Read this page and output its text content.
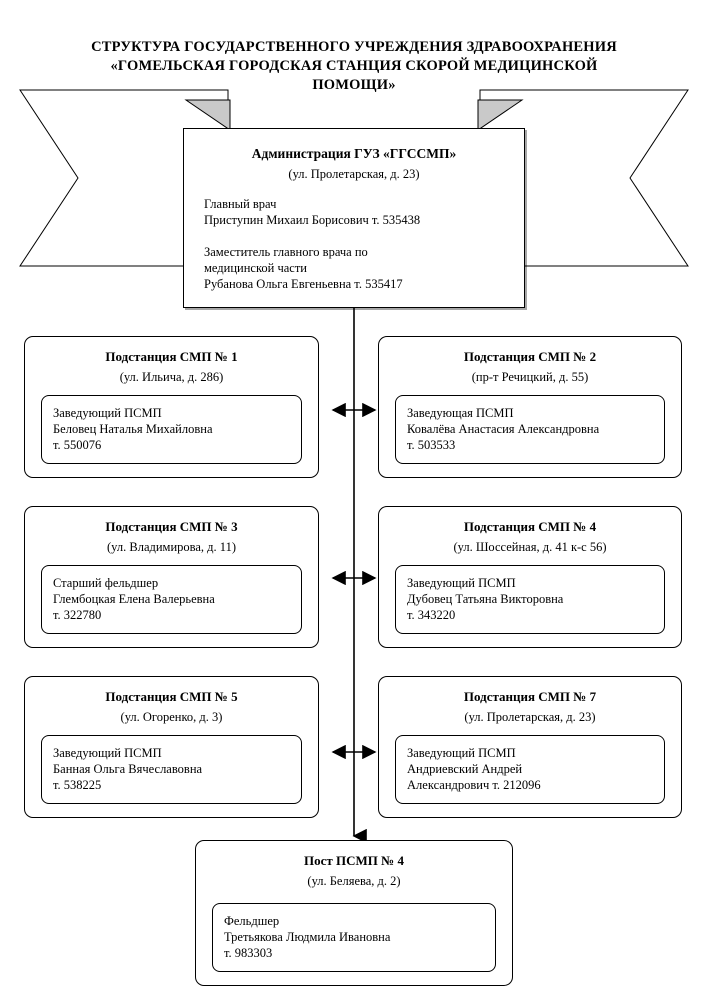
СТРУКТУРА ГОСУДАРСТВЕННОГО УЧРЕЖДЕНИЯ ЗДРАВООХРАНЕНИЯ
«ГОМЕЛЬСКАЯ ГОРОДСКАЯ СТАНЦИЯ СКОРОЙ МЕДИЦИНСКОЙ
ПОМОЩИ»
Администрация ГУЗ «ГГССМП»
(ул. Пролетарская, д. 23)
Главный врач
Приступин Михаил Борисович т. 535438
Заместитель главного врача по
медицинской части
Рубанова Ольга Евгеньевна т. 535417
Подстанция СМП № 1
(ул. Ильича, д. 286)
Заведующий ПСМП
Беловец Наталья Михайловна
т. 550076
Подстанция СМП № 2
(пр-т Речицкий, д. 55)
Заведующая ПСМП
Ковалёва Анастасия Александровна
т. 503533
Подстанция СМП № 3
(ул. Владимирова, д. 11)
Старший фельдшер
Глембоцкая Елена Валерьевна
т. 322780
Подстанция СМП № 4
(ул. Шоссейная, д. 41 к-с 56)
Заведующий ПСМП
Дубовец Татьяна Викторовна
т. 343220
Подстанция СМП № 5
(ул. Огоренко, д. 3)
Заведующий ПСМП
Банная Ольга Вячеславовна
т. 538225
Подстанция СМП № 7
(ул. Пролетарская, д. 23)
Заведующий ПСМП
Андриевский Андрей
Александрович т. 212096
Пост ПСМП № 4
(ул. Беляева, д. 2)
Фельдшер
Третьякова Людмила Ивановна
т. 983303
